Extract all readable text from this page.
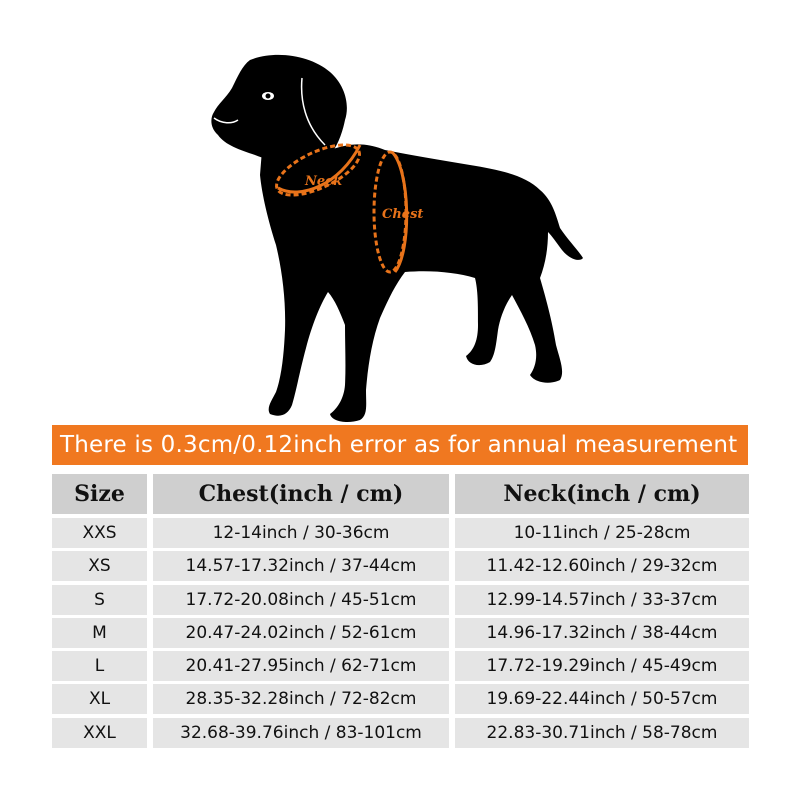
Neck
Chest
There is 0.3cm/0.12inch error as for annual measurement
Size	Chest(inch / cm)	Neck(inch / cm)
XXS	12-14inch / 30-36cm	10-11inch / 25-28cm
XS	14.57-17.32inch / 37-44cm	11.42-12.60inch / 29-32cm
S	17.72-20.08inch / 45-51cm	12.99-14.57inch / 33-37cm
M	20.47-24.02inch / 52-61cm	14.96-17.32inch / 38-44cm
L	20.41-27.95inch / 62-71cm	17.72-19.29inch / 45-49cm
XL	28.35-32.28inch / 72-82cm	19.69-22.44inch / 50-57cm
XXL	32.68-39.76inch / 83-101cm	22.83-30.71inch / 58-78cm
